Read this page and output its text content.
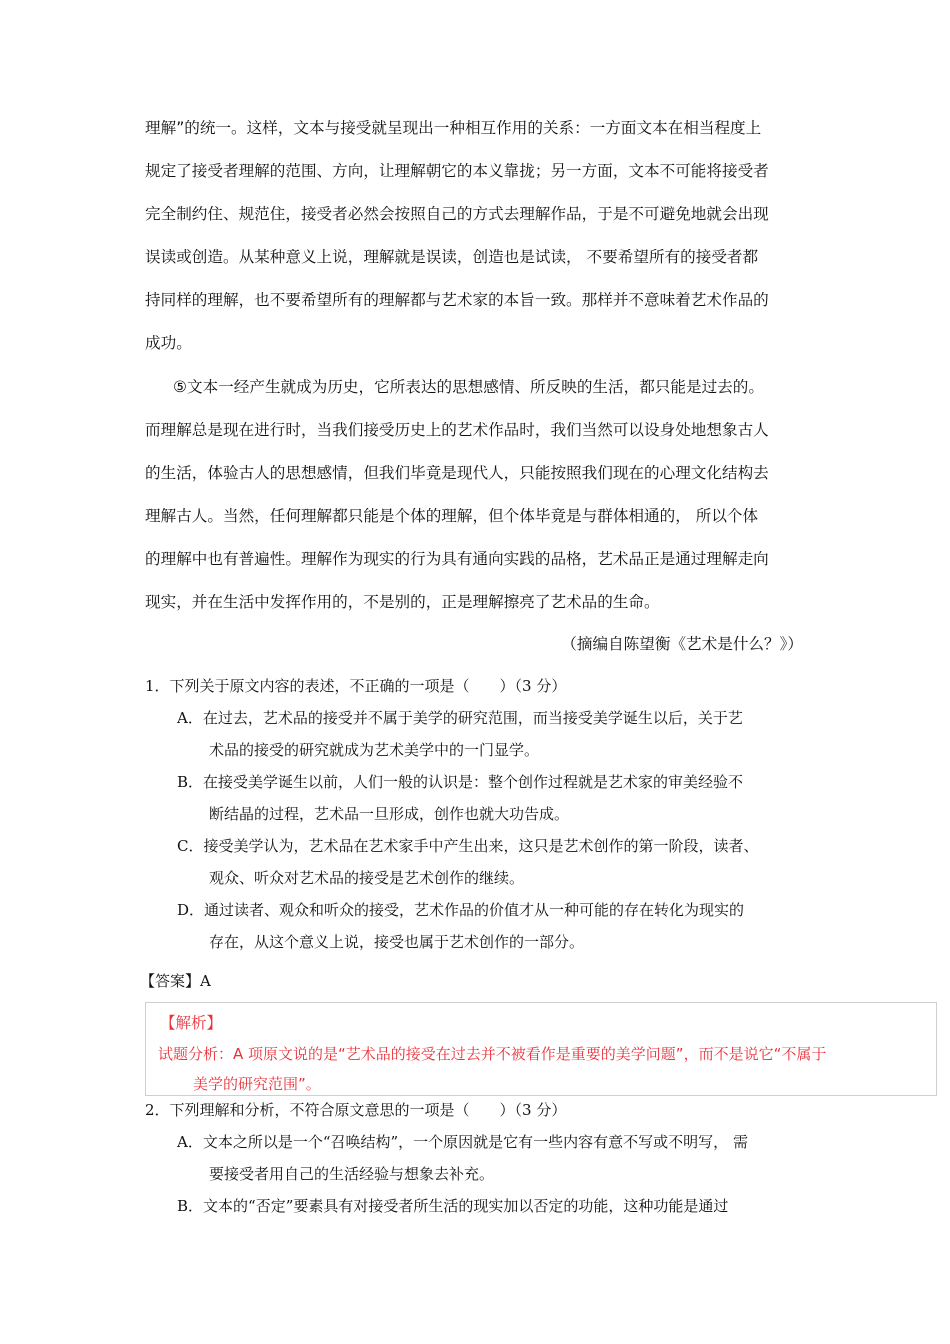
理解”的统一。这样，文本与接受就呈现出一种相互作用的关系：一方面文本在相当程度上
规定了接受者理解的范围、方向，让理解朝它的本义靠拢；另一方面，文本不可能将接受者
完全制约住、规范住，接受者必然会按照自己的方式去理解作品，于是不可避免地就会出现
误读或创造。从某种意义上说，理解就是误读，创造也是试读， 不要希望所有的接受者都
持同样的理解，也不要希望所有的理解都与艺术家的本旨一致。那样并不意味着艺术作品的
成功。
⑤文本一经产生就成为历史，它所表达的思想感情、所反映的生活，都只能是过去的。
而理解总是现在进行时，当我们接受历史上的艺术作品时，我们当然可以设身处地想象古人
的生活，体验古人的思想感情，但我们毕竟是现代人，只能按照我们现在的心理文化结构去
理解古人。当然，任何理解都只能是个体的理解，但个体毕竟是与群体相通的， 所以个体
的理解中也有普遍性。理解作为现实的行为具有通向实践的品格，艺术品正是通过理解走向
现实，并在生活中发挥作用的，不是别的，正是理解擦亮了艺术品的生命。
（摘编自陈望衡《艺术是什么？》）
1．下列关于原文内容的表述，不正确的一项是（　　）（3 分）
A．在过去，艺术品的接受并不属于美学的研究范围，而当接受美学诞生以后，关于艺
术品的接受的研究就成为艺术美学中的一门显学。
B．在接受美学诞生以前，人们一般的认识是：整个创作过程就是艺术家的审美经验不
断结晶的过程，艺术品一旦形成，创作也就大功告成。
C．接受美学认为，艺术品在艺术家手中产生出来，这只是艺术创作的第一阶段，读者、
观众、听众对艺术品的接受是艺术创作的继续。
D．通过读者、观众和听众的接受，艺术作品的价值才从一种可能的存在转化为现实的
存在，从这个意义上说，接受也属于艺术创作的一部分。
【答案】A
【解析】
试题分析：A 项原文说的是“艺术品的接受在过去并不被看作是重要的美学问题”，而不是说它“不属于
美学的研究范围”。
2．下列理解和分析，不符合原文意思的一项是（　　）（3 分）
A．文本之所以是一个“召唤结构”，一个原因就是它有一些内容有意不写或不明写， 需
要接受者用自己的生活经验与想象去补充。
B．文本的“否定”要素具有对接受者所生活的现实加以否定的功能，这种功能是通过
